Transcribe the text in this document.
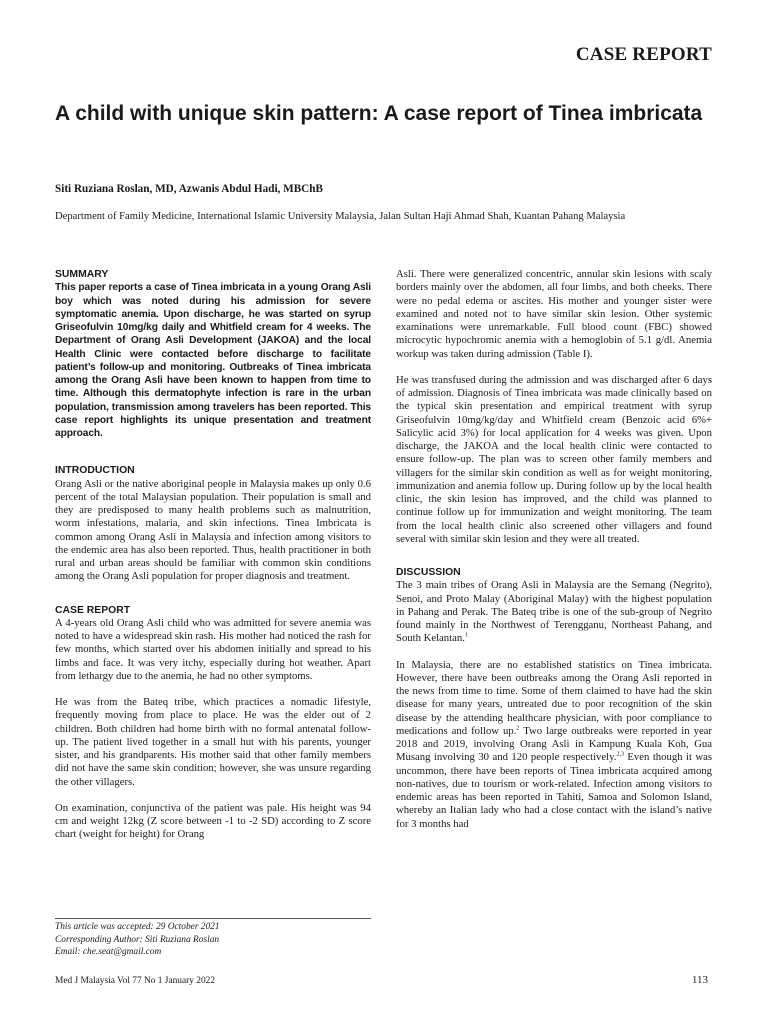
CASE REPORT
A child with unique skin pattern: A case report of Tinea imbricata
Siti Ruziana Roslan, MD, Azwanis Abdul Hadi, MBChB
Department of Family Medicine, International Islamic University Malaysia, Jalan Sultan Haji Ahmad Shah, Kuantan Pahang Malaysia
SUMMARY

This paper reports a case of Tinea imbricata in a young Orang Asli boy which was noted during his admission for severe symptomatic anemia. Upon discharge, he was started on syrup Griseofulvin 10mg/kg daily and Whitfield cream for 4 weeks. The Department of Orang Asli Development (JAKOA) and the local Health Clinic were contacted before discharge to facilitate patient’s follow-up and monitoring. Outbreaks of Tinea imbricata among the Orang Asli have been known to happen from time to time. Although this dermatophyte infection is rare in the urban population, transmission among travelers has been reported. This case report highlights its unique presentation and treatment approach.

INTRODUCTION

Orang Asli or the native aboriginal people in Malaysia makes up only 0.6 percent of the total Malaysian population. Their population is small and they are predisposed to many health problems such as malnutrition, worm infestations, malaria, and skin infections. Tinea Imbricata is common among Orang Asli in Malaysia and infection among visitors to the endemic area has also been reported. Thus, health practitioner in both rural and urban areas should be familiar with common skin conditions among the Orang Asli population for proper diagnosis and treatment.

CASE REPORT

A 4-years old Orang Asli child who was admitted for severe anemia was noted to have a widespread skin rash. His mother had noticed the rash for few months, which started over his abdomen initially and spread to his limbs and face. It was very itchy, especially during hot weather. Apart from lethargy due to the anemia, he had no other symptoms.

He was from the Bateq tribe, which practices a nomadic lifestyle, frequently moving from place to place. He was the elder out of 2 children. Both children had home birth with no formal antenatal follow-up. The patient lived together in a small hut with his parents, younger sister, and his grandparents. His mother said that other family members did not have the same skin condition; however, she was unsure regarding the other villagers.

On examination, conjunctiva of the patient was pale. His height was 94 cm and weight 12kg (Z score between -1 to -2 SD) according to Z score chart (weight for height) for Orang

Asli. There were generalized concentric, annular skin lesions with scaly borders mainly over the abdomen, all four limbs, and both cheeks. There were no pedal edema or ascites. His mother and younger sister were examined and noted not to have similar skin lesion. Other systemic examinations were unremarkable. Full blood count (FBC) showed microcytic hypochromic anemia with a hemoglobin of 5.1 g/dl. Anemia workup was taken during admission (Table I).

He was transfused during the admission and was discharged after 6 days of admission. Diagnosis of Tinea imbricata was made clinically based on the typical skin presentation and empirical treatment with syrup Griseofulvin 10mg/kg/day and Whitfield cream (Benzoic acid 6%+ Salicylic acid 3%) for local application for 4 weeks was given. Upon discharge, the JAKOA and the local health clinic were contacted to ensure follow-up. The plan was to screen other family members and villagers for the similar skin condition as well as for weight monitoring, immunization and anemia follow up. During follow up by the local health clinic, the skin lesion has improved, and the child was planned to continue follow up for immunization and weight monitoring. The team from the local health clinic also screened other villagers and found several with similar skin lesion and they were all treated.

DISCUSSION

The 3 main tribes of Orang Asli in Malaysia are the Semang (Negrito), Senoi, and Proto Malay (Aboriginal Malay) with the highest population in Pahang and Perak. The Bateq tribe is one of the sub-group of Negrito found mainly in the Northwest of Terengganu, Northeast Pahang, and South Kelantan.$^1$

In Malaysia, there are no established statistics on Tinea imbricata. However, there have been outbreaks among the Orang Asli reported in the news from time to time. Some of them claimed to have had the skin disease for many years, untreated due to poor recognition of the skin disease by the attending healthcare physician, with poor compliance to medications and follow up.$^2$ Two large outbreaks were reported in year 2018 and 2019, involving Orang Asli in Kampung Kuala Koh, Gua Musang involving 30 and 120 people respectively.$^{2,3}$ Even though it was uncommon, there have been reports of Tinea imbricata acquired among non-natives, due to tourism or work-related. Infection among visitors to endemic areas has been reported in Tahiti, Samoa and Solomon Island, whereby an Italian lady who had a close contact with the island’s native for 3 months had

This article was accepted: 29 October 2021
Corresponding Author: Siti Ruziana Roslan
Email: che.seat@gmail.com
Med J Malaysia Vol 77 No 1 January 2022	113
